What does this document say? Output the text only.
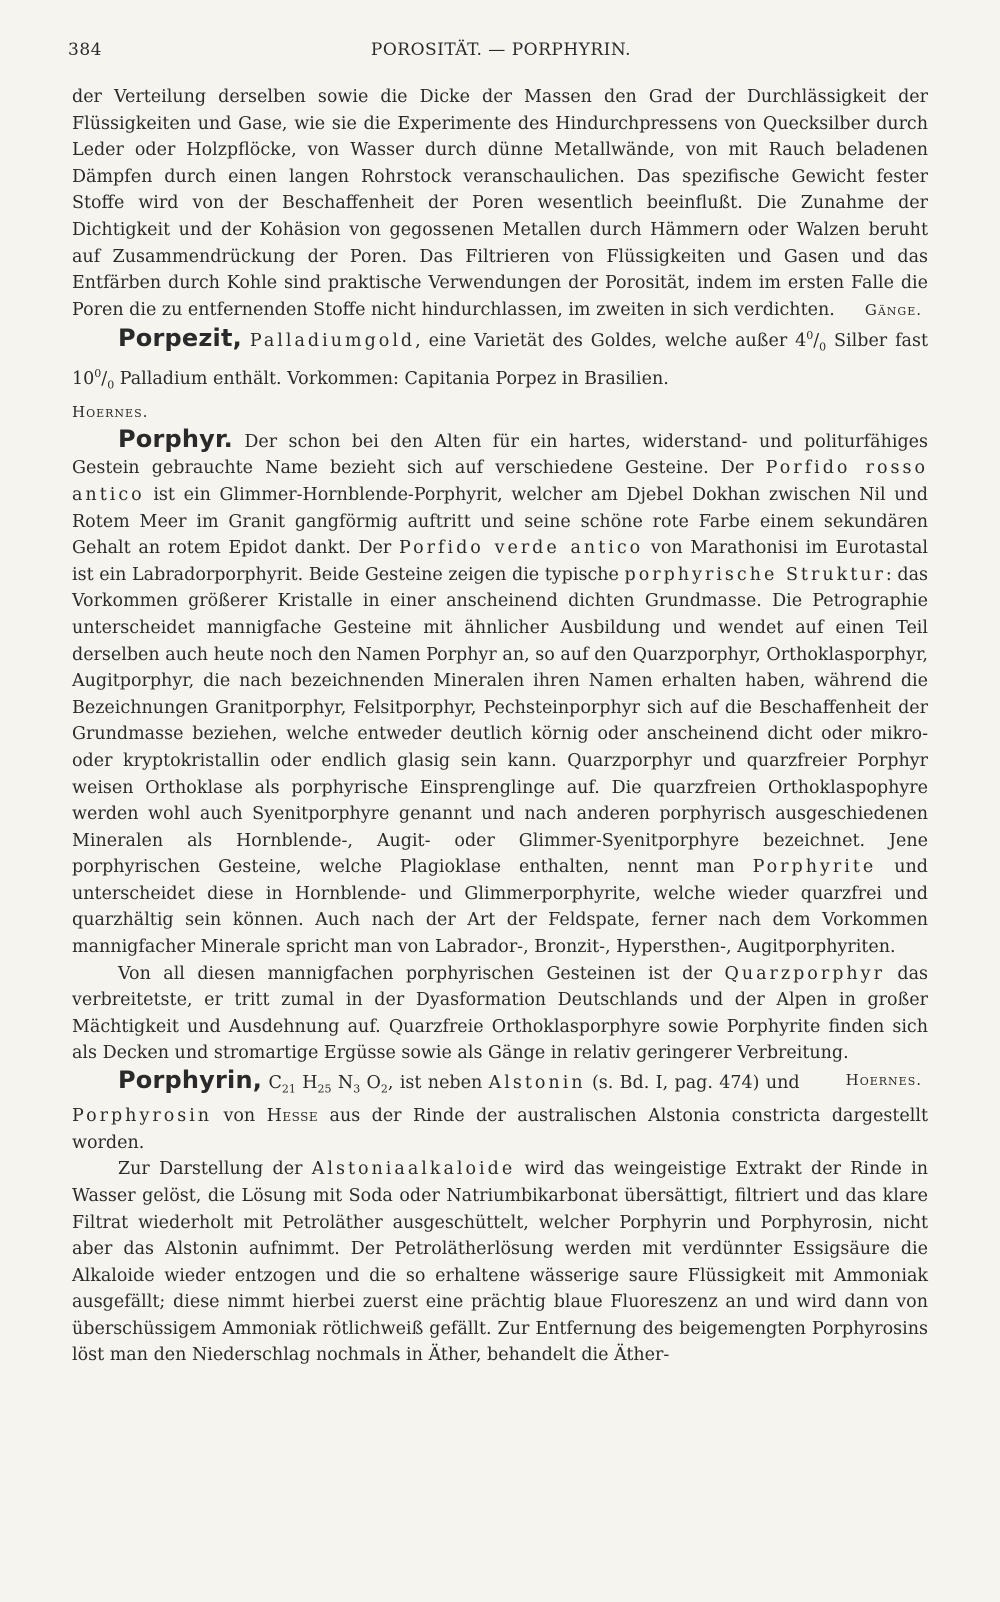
384	POROSITÄT. — PORPHYRIN.

der Verteilung derselben sowie die Dicke der Massen den Grad der Durchlässigkeit der Flüssigkeiten und Gase, wie sie die Experimente des Hindurchpressens von Quecksilber durch Leder oder Holzpflöcke, von Wasser durch dünne Metallwände, von mit Rauch beladenen Dämpfen durch einen langen Rohrstock veranschaulichen. Das spezifische Gewicht fester Stoffe wird von der Beschaffenheit der Poren wesentlich beeinflußt. Die Zunahme der Dichtigkeit und der Kohäsion von gegossenen Metallen durch Hämmern oder Walzen beruht auf Zusammendrückung der Poren. Das Filtrieren von Flüssigkeiten und Gasen und das Entfärben durch Kohle sind praktische Verwendungen der Porosität, indem im ersten Falle die Poren die zu entfernenden Stoffe nicht hindurchlassen, im zweiten in sich verdichten. Gänge.

Porpezit, Palladiumgold, eine Varietät des Goldes, welche außer $4^0/_0$ Silber fast $10^0/_0$ Palladium enthält. Vorkommen: Capitania Porpez in Brasilien.

Hoernes.

Porphyr. Der schon bei den Alten für ein hartes, widerstand- und politurfähiges Gestein gebrauchte Name bezieht sich auf verschiedene Gesteine. Der Porfido rosso antico ist ein Glimmer-Hornblende-Porphyrit, welcher am Djebel Dokhan zwischen Nil und Rotem Meer im Granit gangförmig auftritt und seine schöne rote Farbe einem sekundären Gehalt an rotem Epidot dankt. Der Porfido verde antico von Marathonisi im Eurotastal ist ein Labradorporphyrit. Beide Gesteine zeigen die typische porphyrische Struktur: das Vorkommen größerer Kristalle in einer anscheinend dichten Grundmasse. Die Petrographie unterscheidet mannigfache Gesteine mit ähnlicher Ausbildung und wendet auf einen Teil derselben auch heute noch den Namen Porphyr an, so auf den Quarzporphyr, Orthoklasporphyr, Augitporphyr, die nach bezeichnenden Mineralen ihren Namen erhalten haben, während die Bezeichnungen Granitporphyr, Felsitporphyr, Pechsteinporphyr sich auf die Beschaffenheit der Grundmasse beziehen, welche entweder deutlich körnig oder anscheinend dicht oder mikro- oder kryptokristallin oder endlich glasig sein kann. Quarzporphyr und quarzfreier Porphyr weisen Orthoklase als porphyrische Einsprenglinge auf. Die quarzfreien Orthoklaspophyre werden wohl auch Syenitporphyre genannt und nach anderen porphyrisch ausgeschiedenen Mineralen als Hornblende-, Augit- oder Glimmer-Syenitporphyre bezeichnet. Jene porphyrischen Gesteine, welche Plagioklase enthalten, nennt man Porphyrite und unterscheidet diese in Hornblende- und Glimmerporphyrite, welche wieder quarzfrei und quarzhältig sein können. Auch nach der Art der Feldspate, ferner nach dem Vorkommen mannigfacher Minerale spricht man von Labrador-, Bronzit-, Hypersthen-, Augitporphyriten.

Von all diesen mannigfachen porphyrischen Gesteinen ist der Quarzporphyr das verbreitetste, er tritt zumal in der Dyasformation Deutschlands und der Alpen in großer Mächtigkeit und Ausdehnung auf. Quarzfreie Orthoklasporphyre sowie Porphyrite finden sich als Decken und stromartige Ergüsse sowie als Gänge in relativ geringerer Verbreitung.
Hoernes.

Porphyrin, $C_{21}$ $H_{25}$ $N_3$ $O_2$, ist neben Alstonin (s. Bd. I, pag. 474) und Porphyrosin von Hesse aus der Rinde der australischen Alstonia constricta dargestellt worden.

Zur Darstellung der Alstoniaalkaloide wird das weingeistige Extrakt der Rinde in Wasser gelöst, die Lösung mit Soda oder Natriumbikarbonat übersättigt, filtriert und das klare Filtrat wiederholt mit Petroläther ausgeschüttelt, welcher Porphyrin und Porphyrosin, nicht aber das Alstonin aufnimmt. Der Petrolätherlösung werden mit verdünnter Essigsäure die Alkaloide wieder entzogen und die so erhaltene wässerige saure Flüssigkeit mit Ammoniak ausgefällt; diese nimmt hierbei zuerst eine prächtig blaue Fluoreszenz an und wird dann von überschüssigem Ammoniak rötlichweiß gefällt. Zur Entfernung des beigemengten Porphyrosins löst man den Niederschlag nochmals in Äther, behandelt die Äther-
